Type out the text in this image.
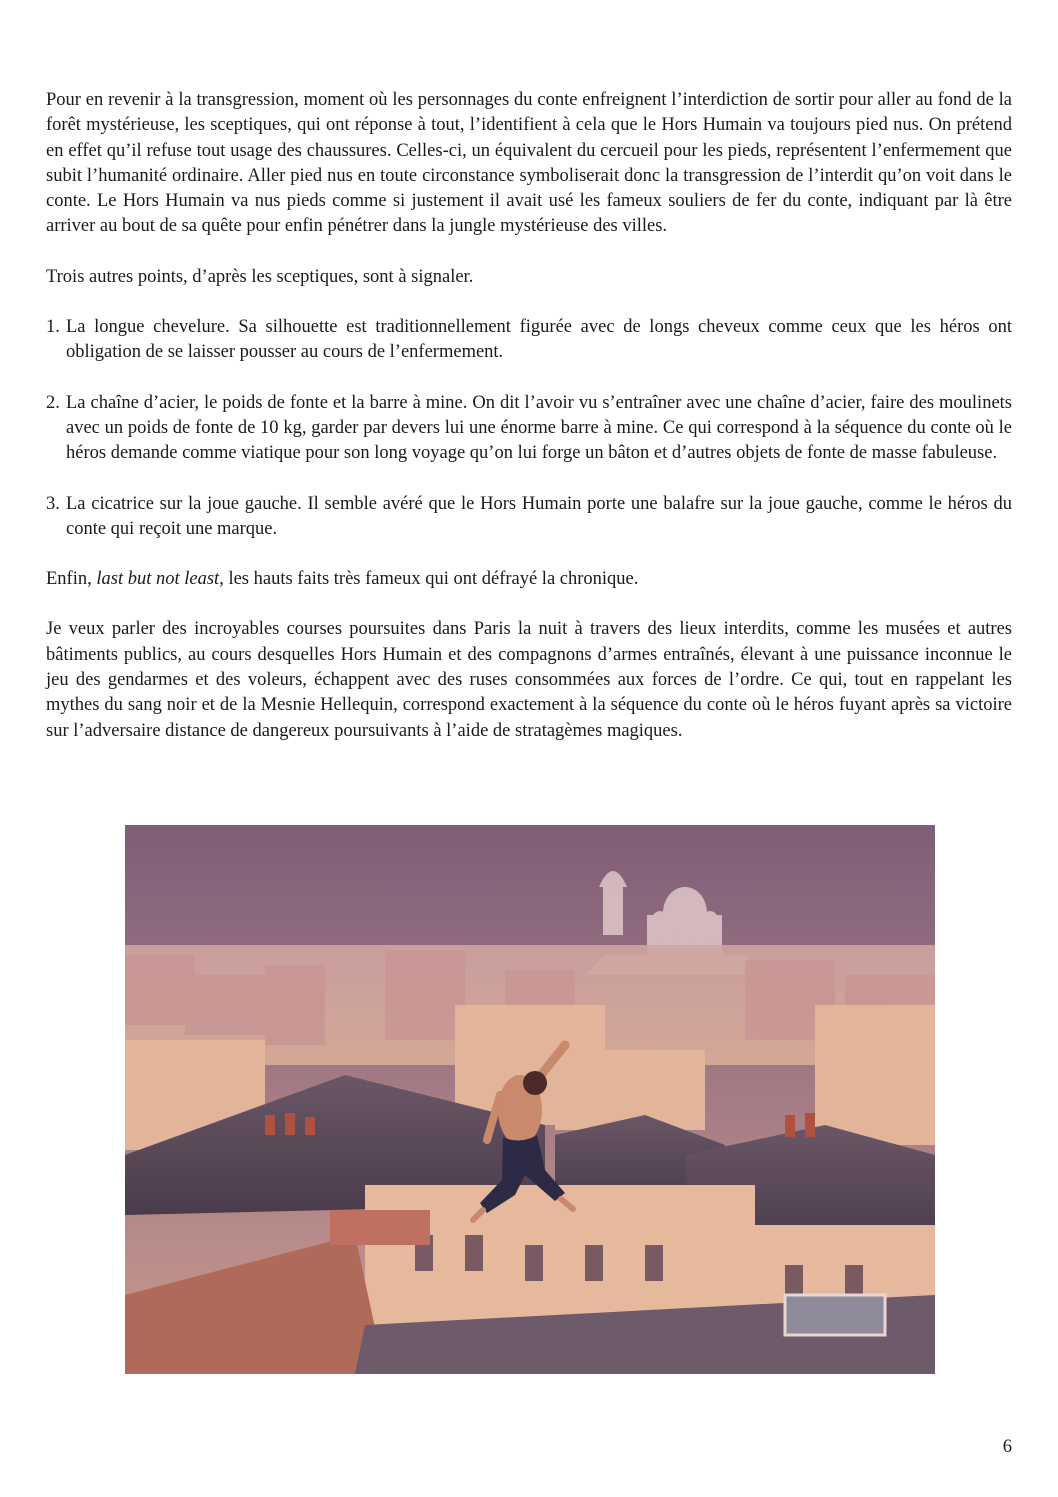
Pour en revenir à la transgression, moment où les personnages du conte enfreignent l’interdiction de sortir pour aller au fond de la forêt mystérieuse, les sceptiques, qui ont réponse à tout, l’identifient à cela que le Hors Humain va toujours pied nus. On prétend en effet qu’il refuse tout usage des chaussures. Celles-ci, un équivalent du cercueil pour les pieds, représentent l’enfermement que subit l’humanité ordinaire. Aller pied nus en toute circonstance symboliserait donc la transgression de l’interdit qu’on voit dans le conte. Le Hors Humain va nus pieds comme si justement il avait usé les fameux souliers de fer du conte, indiquant par là être arriver au bout de sa quête pour enfin pénétrer dans la jungle mystérieuse des villes.

Trois autres points, d’après les sceptiques, sont à signaler.

1. La longue chevelure. Sa silhouette est traditionnellement figurée avec de longs cheveux comme ceux que les héros ont obligation de se laisser pousser au cours de l’enfermement.
2. La chaîne d’acier, le poids de fonte et la barre à mine. On dit l’avoir vu s’entraîner avec une chaîne d’acier, faire des moulinets avec un poids de fonte de 10 kg, garder par devers lui une énorme barre à mine. Ce qui correspond à la séquence du conte où le héros demande comme viatique pour son long voyage qu’on lui forge un bâton et d’autres objets de fonte de masse fabuleuse.
3. La cicatrice sur la joue gauche. Il semble avéré que le Hors Humain porte une balafre sur la joue gauche, comme le héros du conte qui reçoit une marque.

Enfin, last but not least, les hauts faits très fameux qui ont défrayé la chronique.

Je veux parler des incroyables courses poursuites dans Paris la nuit à travers des lieux interdits, comme les musées et autres bâtiments publics, au cours desquelles Hors Humain et des compagnons d’armes entraînés, élevant à une puissance inconnue le jeu des gendarmes et des voleurs, échappent avec des ruses consommées aux forces de l’ordre. Ce qui, tout en rappelant les mythes du sang noir et de la Mesnie Hellequin, correspond exactement à la séquence du conte où le héros fuyant après sa victoire sur l’adversaire distance de dangereux poursuivants à l’aide de stratagèmes magiques.

6
